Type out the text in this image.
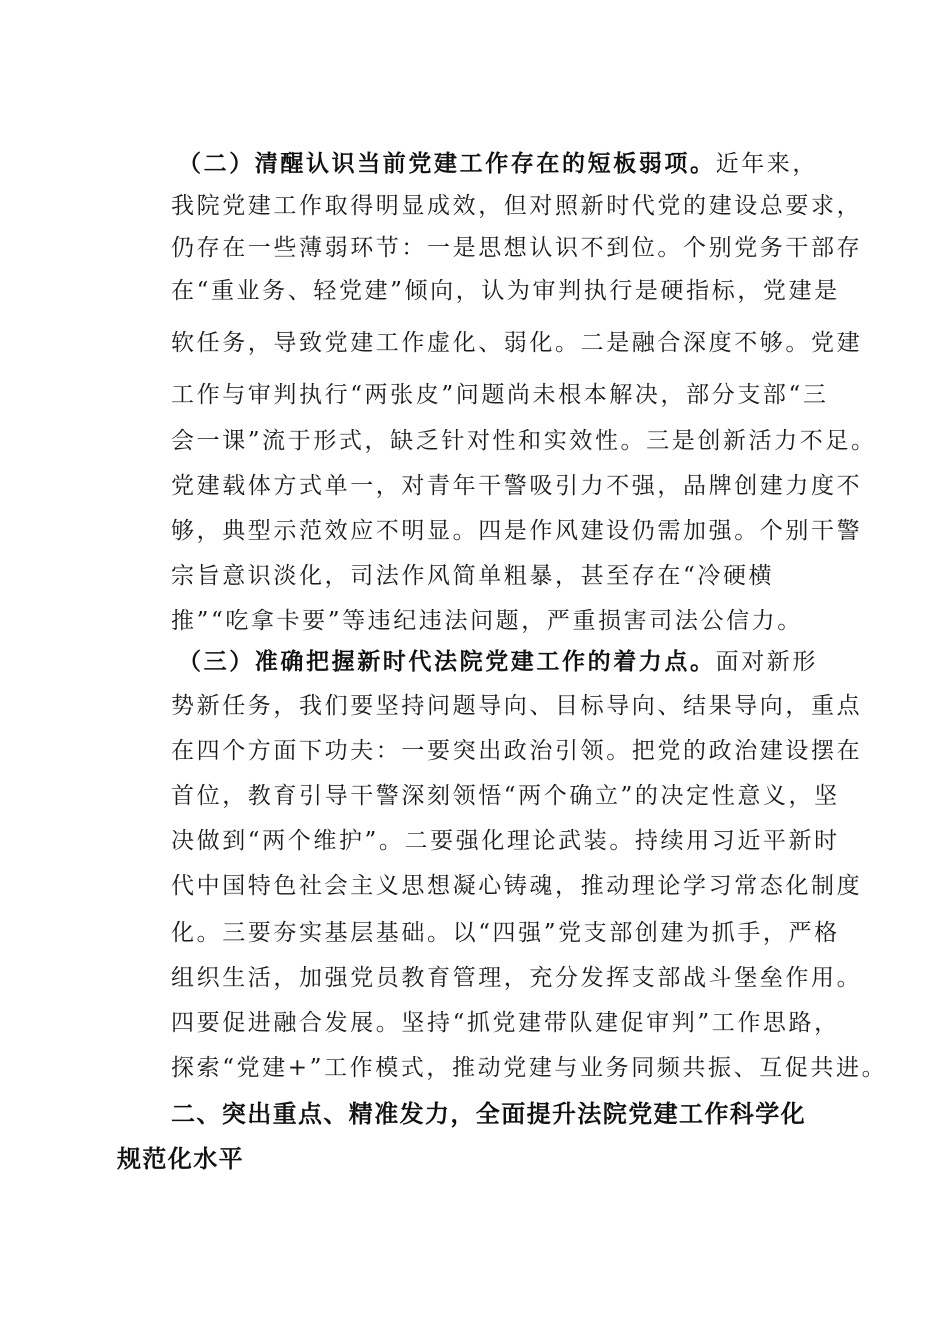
（二）清醒认识当前党建工作存在的短板弱项。近年来，
我院党建工作取得明显成效，但对照新时代党的建设总要求，
仍存在一些薄弱环节：一是思想认识不到位。个别党务干部存
在“重业务、轻党建”倾向，认为审判执行是硬指标，党建是
软任务，导致党建工作虚化、弱化。二是融合深度不够。党建
工作与审判执行“两张皮”问题尚未根本解决，部分支部“三
会一课”流于形式，缺乏针对性和实效性。三是创新活力不足。
党建载体方式单一，对青年干警吸引力不强，品牌创建力度不
够，典型示范效应不明显。四是作风建设仍需加强。个别干警
宗旨意识淡化，司法作风简单粗暴，甚至存在“冷硬横
推”“吃拿卡要”等违纪违法问题，严重损害司法公信力。
（三）准确把握新时代法院党建工作的着力点。面对新形
势新任务，我们要坚持问题导向、目标导向、结果导向，重点
在四个方面下功夫：一要突出政治引领。把党的政治建设摆在
首位，教育引导干警深刻领悟“两个确立”的决定性意义，坚
决做到“两个维护”。二要强化理论武装。持续用习近平新时
代中国特色社会主义思想凝心铸魂，推动理论学习常态化制度
化。三要夯实基层基础。以“四强”党支部创建为抓手，严格
组织生活，加强党员教育管理，充分发挥支部战斗堡垒作用。
四要促进融合发展。坚持“抓党建带队建促审判”工作思路，
探索“党建+”工作模式，推动党建与业务同频共振、互促共进。
二、突出重点、精准发力，全面提升法院党建工作科学化
规范化水平
